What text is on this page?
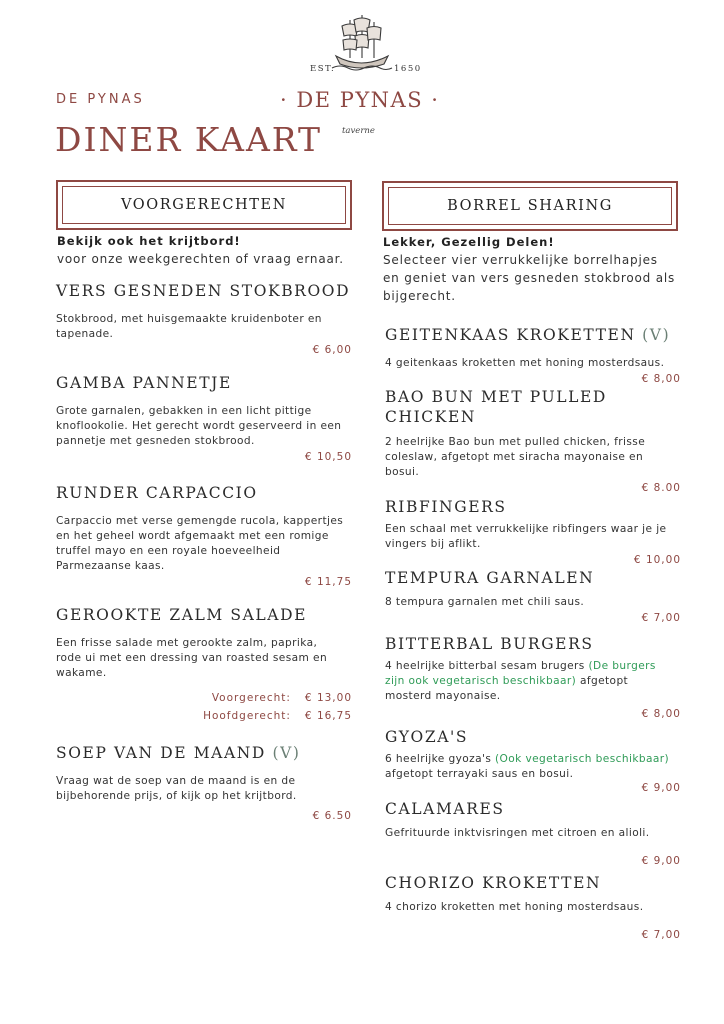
EST.	1650
· DE PYNAS ·
taverne
DE PYNAS
DINER KAART
VOORGERECHTEN	BORREL SHARING
Bekijk ook het krijtbord!
voor onze weekgerechten of vraag ernaar.
VERS GESNEDEN STOKBROOD
Stokbrood, met huisgemaakte kruidenboter en tapenade.
€ 6,00
GAMBA PANNETJE
Grote garnalen, gebakken in een licht pittige knoflookolie. Het gerecht wordt geserveerd in een pannetje met gesneden stokbrood.
€ 10,50
RUNDER CARPACCIO
Carpaccio met verse gemengde rucola, kappertjes en het geheel wordt afgemaakt met een romige truffel mayo en een royale hoeveelheid Parmezaanse kaas.
€ 11,75
GEROOKTE ZALM SALADE
Een frisse salade met gerookte zalm, paprika, rode ui met een dressing van roasted sesam en wakame.
Voorgerecht: € 13,00
Hoofdgerecht: € 16,75
SOEP VAN DE MAAND (V)
Vraag wat de soep van de maand is en de bijbehorende prijs, of kijk op het krijtbord.
€ 6.50
Lekker, Gezellig Delen!
Selecteer vier verrukkelijke borrelhapjes en geniet van vers gesneden stokbrood als bijgerecht.
GEITENKAAS KROKETTEN (V)
4 geitenkaas kroketten met honing mosterdsaus.
€ 8,00
BAO BUN MET PULLED CHICKEN
2 heelrijke Bao bun met pulled chicken, frisse coleslaw, afgetopt met siracha mayonaise en bosui.
€ 8.00
RIBFINGERS
Een schaal met verrukkelijke ribfingers waar je je vingers bij aflikt.
€ 10,00
TEMPURA GARNALEN
8 tempura garnalen met chili saus.
€ 7,00
BITTERBAL BURGERS
4 heelrijke bitterbal sesam brugers (De burgers zijn ook vegetarisch beschikbaar) afgetopt mosterd mayonaise.
€ 8,00
GYOZA'S
6 heelrijke gyoza's (Ook vegetarisch beschikbaar) afgetopt terrayaki saus en bosui.
€ 9,00
CALAMARES
Gefrituurde inktvisringen met citroen en alioli.
€ 9,00
CHORIZO KROKETTEN
4 chorizo kroketten met honing mosterdsaus.
€ 7,00
